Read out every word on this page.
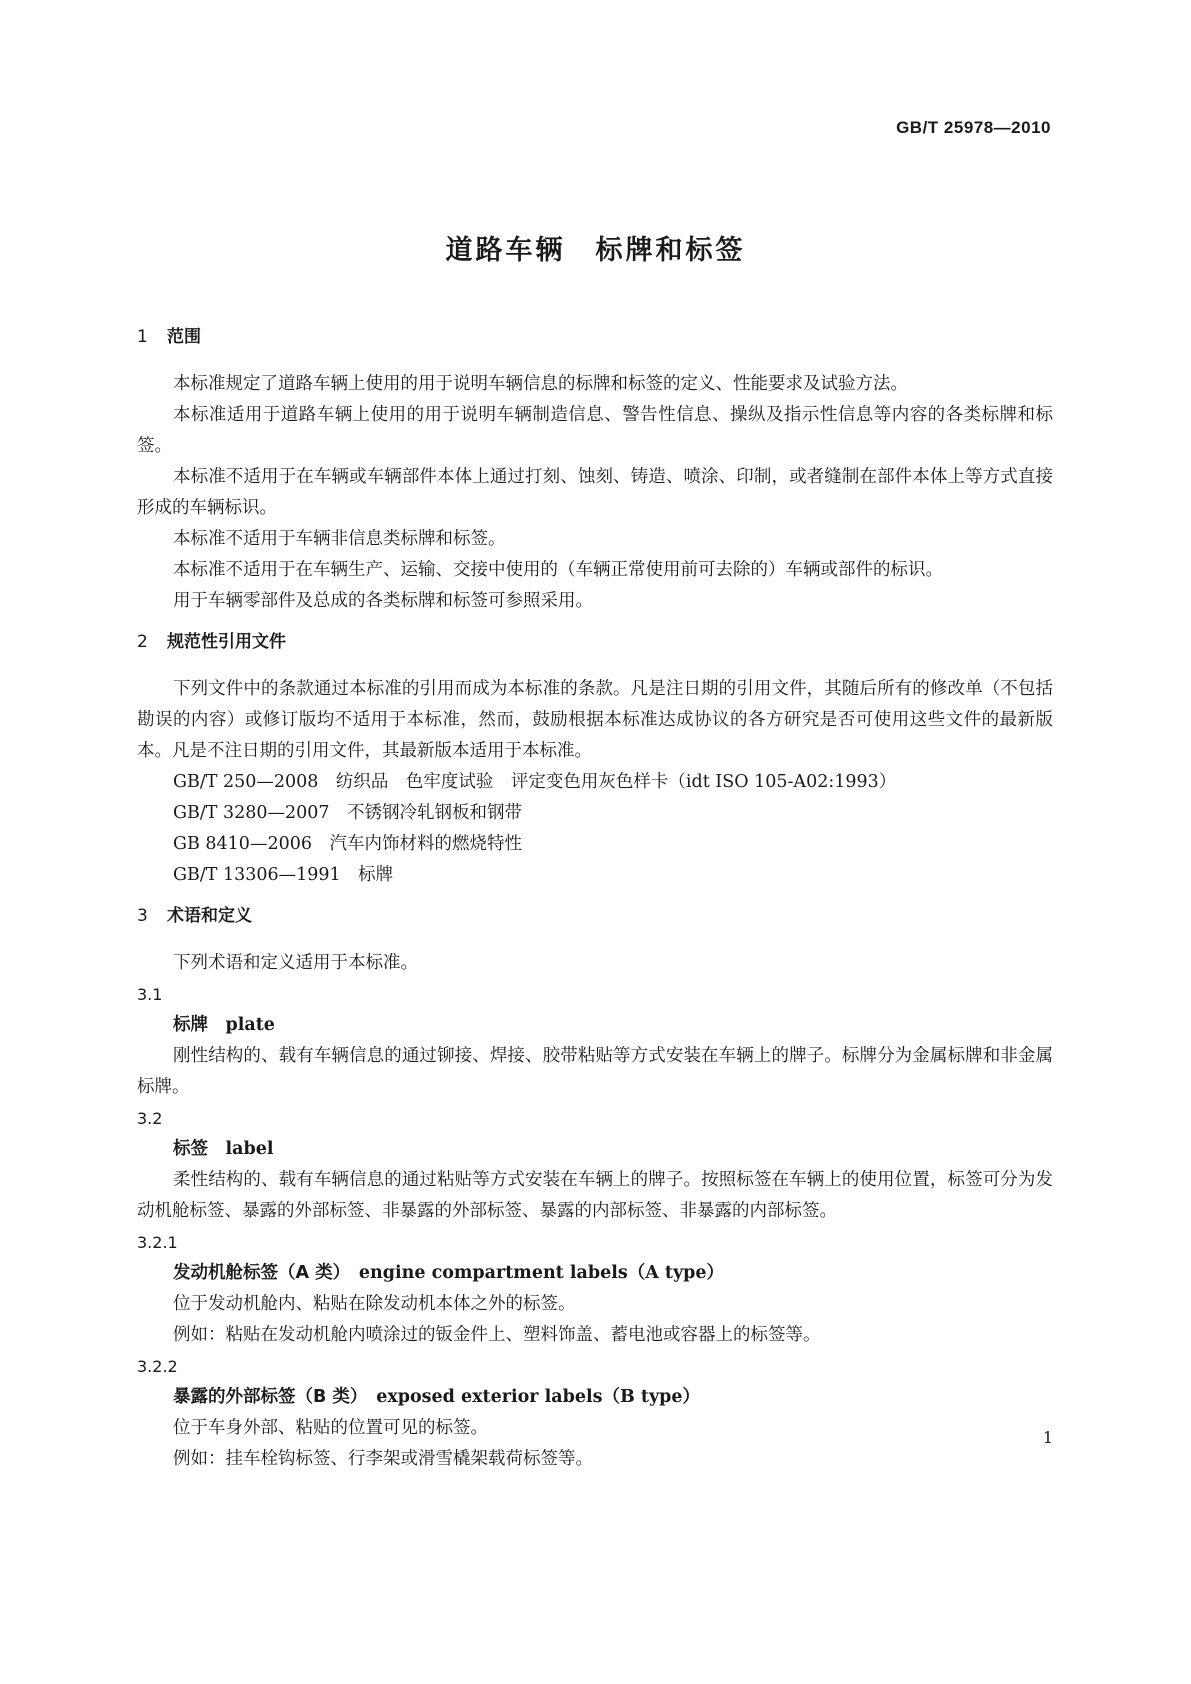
GB/T 25978—2010
道路车辆　标牌和标签

1 范围

本标准规定了道路车辆上使用的用于说明车辆信息的标牌和标签的定义、性能要求及试验方法。

本标准适用于道路车辆上使用的用于说明车辆制造信息、警告性信息、操纵及指示性信息等内容的各类标牌和标签。

本标准不适用于在车辆或车辆部件本体上通过打刻、蚀刻、铸造、喷涂、印制，或者缝制在部件本体上等方式直接形成的车辆标识。

本标准不适用于车辆非信息类标牌和标签。

本标准不适用于在车辆生产、运输、交接中使用的（车辆正常使用前可去除的）车辆或部件的标识。

用于车辆零部件及总成的各类标牌和标签可参照采用。

2 规范性引用文件

下列文件中的条款通过本标准的引用而成为本标准的条款。凡是注日期的引用文件，其随后所有的修改单（不包括勘误的内容）或修订版均不适用于本标准，然而，鼓励根据本标准达成协议的各方研究是否可使用这些文件的最新版本。凡是不注日期的引用文件，其最新版本适用于本标准。

GB/T 250—2008　纺织品　色牢度试验　评定变色用灰色样卡（idt ISO 105-A02:1993）

GB/T 3280—2007　不锈钢冷轧钢板和钢带

GB 8410—2006　汽车内饰材料的燃烧特性

GB/T 13306—1991　标牌

3 术语和定义

下列术语和定义适用于本标准。

3.1

标牌　 plate

刚性结构的、载有车辆信息的通过铆接、焊接、胶带粘贴等方式安装在车辆上的牌子。标牌分为金属标牌和非金属标牌。

3.2

标签　 label

柔性结构的、载有车辆信息的通过粘贴等方式安装在车辆上的牌子。按照标签在车辆上的使用位置，标签可分为发动机舱标签、暴露的外部标签、非暴露的外部标签、暴露的内部标签、非暴露的内部标签。

3.2.1

发动机舱标签（A 类）　 engine compartment labels（A type）

位于发动机舱内、粘贴在除发动机本体之外的标签。

例如：粘贴在发动机舱内喷涂过的钣金件上、塑料饰盖、蓄电池或容器上的标签等。

3.2.2

暴露的外部标签（B 类）　 exposed exterior labels（B type）

位于车身外部、粘贴的位置可见的标签。

例如：挂车栓钩标签、行李架或滑雪橇架载荷标签等。

1
